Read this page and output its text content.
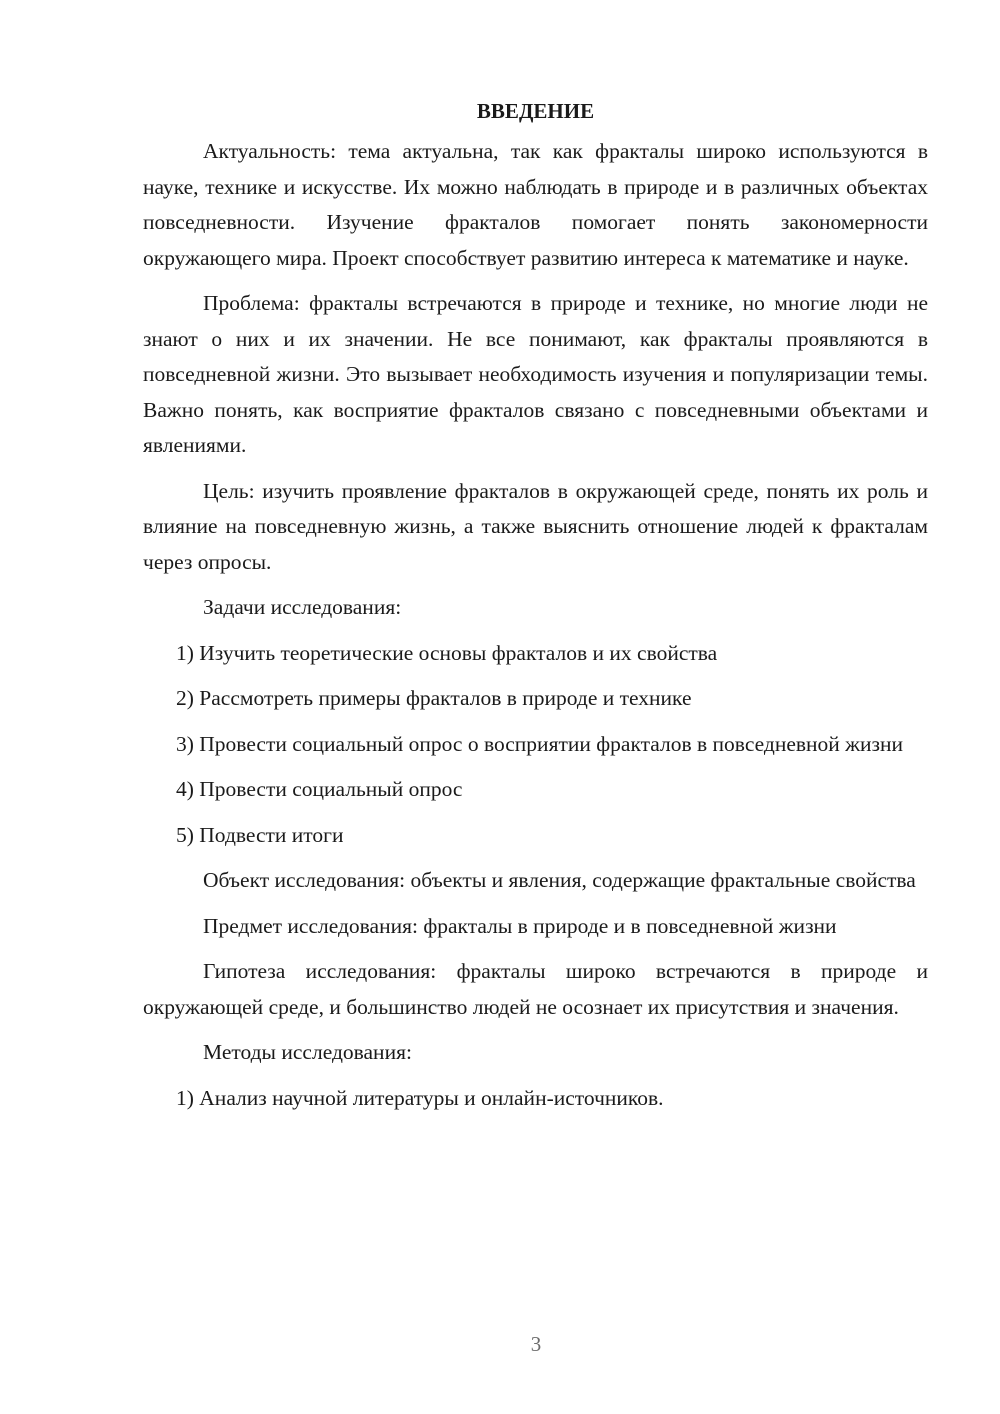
ВВЕДЕНИЕ

Актуальность: тема актуальна, так как фракталы широко используются в науке, технике и искусстве. Их можно наблюдать в природе и в различных объектах повседневности. Изучение фракталов помогает понять закономерности окружающего мира. Проект способствует развитию интереса к математике и науке.

Проблема: фракталы встречаются в природе и технике, но многие люди не знают о них и их значении. Не все понимают, как фракталы проявляются в повседневной жизни. Это вызывает необходимость изучения и популяризации темы. Важно понять, как восприятие фракталов связано с повседневными объектами и явлениями.

Цель: изучить проявление фракталов в окружающей среде, понять их роль и влияние на повседневную жизнь, а также выяснить отношение людей к фракталам через опросы.

Задачи исследования:

1) Изучить теоретические основы фракталов и их свойства

2) Рассмотреть примеры фракталов в природе и технике

3) Провести социальный опрос о восприятии фракталов в повседневной жизни

4) Провести социальный опрос

5) Подвести итоги

Объект исследования: объекты и явления, содержащие фрактальные свойства

Предмет исследования: фракталы в природе и в повседневной жизни

Гипотеза исследования: фракталы широко встречаются в природе и окружающей среде, и большинство людей не осознает их присутствия и значения.

Методы исследования:

1) Анализ научной литературы и онлайн-источников.

3
